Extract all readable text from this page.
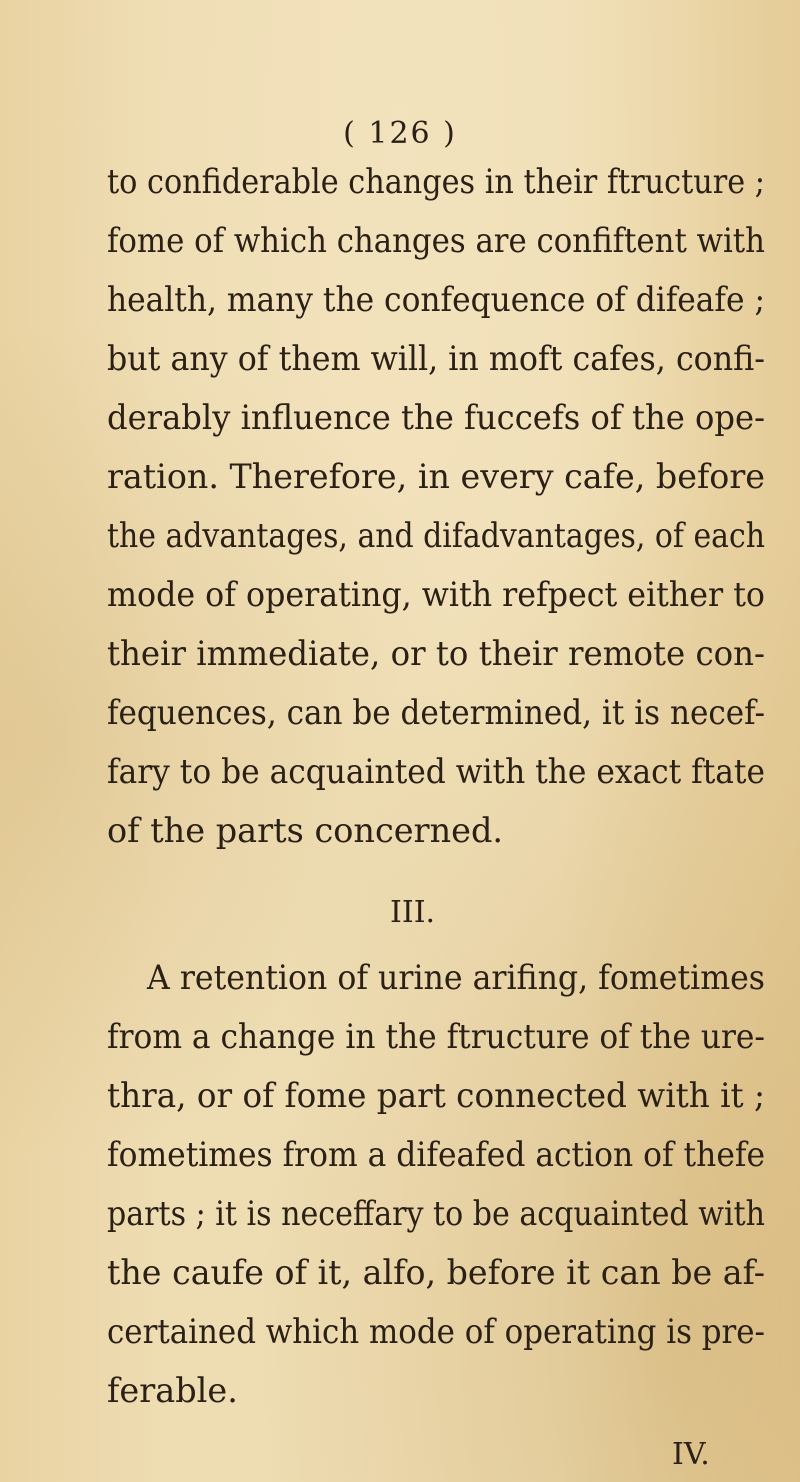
( 126 )
to confiderable changes in their ftructure ;
fome of which changes are confiftent with
health, many the confequence of difeafe ;
but any of them will, in moft cafes, confi-
derably influence the fuccefs of the ope-
ration. Therefore, in every cafe, before
the advantages, and difadvantages, of each
mode of operating, with refpect either to
their immediate, or to their remote con-
fequences, can be determined, it is necef-
fary to be acquainted with the exact ftate
of the parts concerned.
III.
A retention of urine arifing, fometimes
from a change in the ftructure of the ure-
thra, or of fome part connected with it ;
fometimes from a difeafed action of thefe
parts ; it is neceffary to be acquainted with
the caufe of it, alfo, before it can be af-
certained which mode of operating is pre-
ferable.
IV.
